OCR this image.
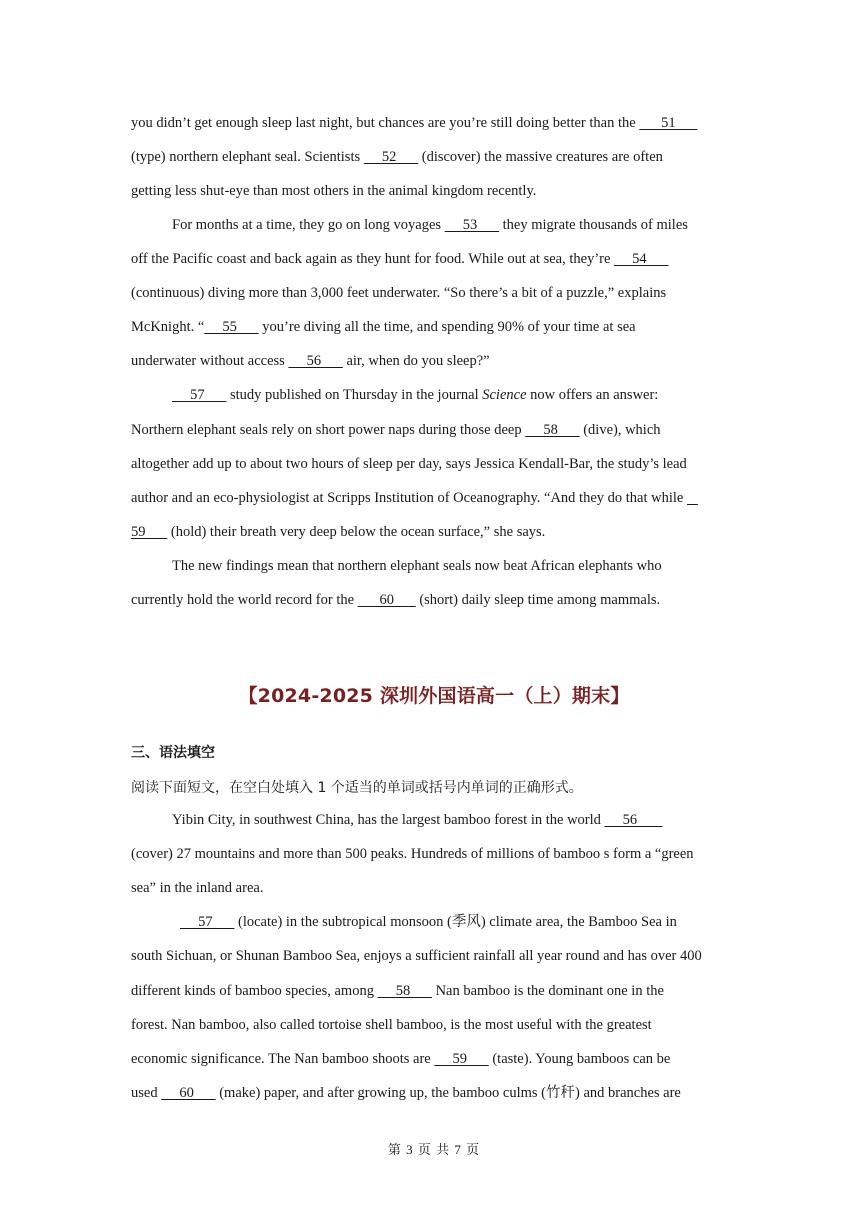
you didn’t get enough sleep last night, but chances are you’re still doing better than the       51
(type) northern elephant seal. Scientists      52       (discover) the massive creatures are often
getting less shut-eye than most others in the animal kingdom recently.
For months at a time, they go on long voyages      53       they migrate thousands of miles
off the Pacific coast and back again as they hunt for food. While out at sea, they’re      54
(continuous) diving more than 3,000 feet underwater. “So there’s a bit of a puzzle,” explains
McKnight. “     55       you’re diving all the time, and spending 90% of your time at sea
underwater without access      56       air, when do you sleep?”
57       study published on Thursday in the journal Science now offers an answer:
Northern elephant seals rely on short power naps during those deep      58       (dive), which
altogether add up to about two hours of sleep per day, says Jessica Kendall-Bar, the study’s lead
author and an eco-physiologist at Scripps Institution of Oceanography. “And they do that while
59       (hold) their breath very deep below the ocean surface,” she says.
The new findings mean that northern elephant seals now beat African elephants who
currently hold the world record for the       60       (short) daily sleep time among mammals.
【2024-2025 深圳外国语高一（上）期末】
三、语法填空
阅读下面短文，在空白处填入 1 个适当的单词或括号内单词的正确形式。
Yibin City, in southwest China, has the largest bamboo forest in the world      56
(cover) 27 mountains and more than 500 peaks. Hundreds of millions of bamboo s form a “green
sea” in the inland area.
57       (locate) in the subtropical monsoon (季风) climate area, the Bamboo Sea in
south Sichuan, or Shunan Bamboo Sea, enjoys a sufficient rainfall all year round and has over 400
different kinds of bamboo species, among      58       Nan bamboo is the dominant one in the
forest. Nan bamboo, also called tortoise shell bamboo, is the most useful with the greatest
economic significance. The Nan bamboo shoots are      59       (taste). Young bamboos can be
used      60       (make) paper, and after growing up, the bamboo culms (竹秆) and branches are
第 3 页 共 7 页
